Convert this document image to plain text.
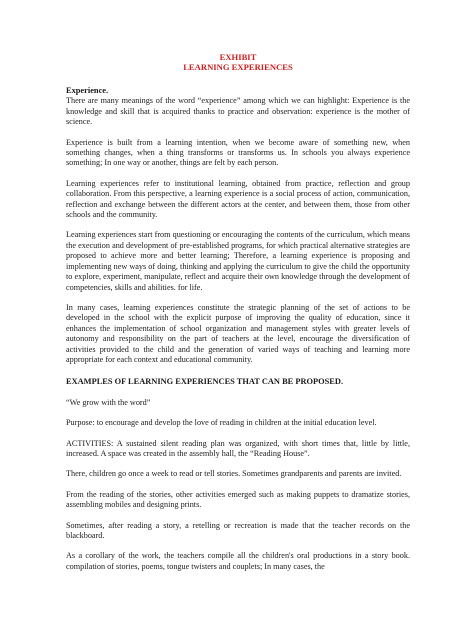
EXHIBIT
LEARNING EXPERIENCES
Experience.

There are many meanings of the word “experience” among which we can highlight: Experience is the knowledge and skill that is acquired thanks to practice and observation: experience is the mother of science.

Experience is built from a learning intention, when we become aware of something new, when something changes, when a thing transforms or transforms us. In schools you always experience something; In one way or another, things are felt by each person.

Learning experiences refer to institutional learning, obtained from practice, reflection and group collaboration. From this perspective, a learning experience is a social process of action, communication, reflection and exchange between the different actors at the center, and between them, those from other schools and the community.

Learning experiences start from questioning or encouraging the contents of the curriculum, which means the execution and development of pre-established programs, for which practical alternative strategies are proposed to achieve more and better learning; Therefore, a learning experience is proposing and implementing new ways of doing, thinking and applying the curriculum to give the child the opportunity to explore, experiment, manipulate, reflect and acquire their own knowledge through the development of competencies, skills and abilities. for life.

In many cases, learning experiences constitute the strategic planning of the set of actions to be developed in the school with the explicit purpose of improving the quality of education, since it enhances the implementation of school organization and management styles with greater levels of autonomy and responsibility on the part of teachers at the level, encourage the diversification of activities provided to the child and the generation of varied ways of teaching and learning more appropriate for each context and educational community.

EXAMPLES OF LEARNING EXPERIENCES THAT CAN BE PROPOSED.

“We grow with the word”

Purpose: to encourage and develop the love of reading in children at the initial education level.

ACTIVITIES: A sustained silent reading plan was organized, with short times that, little by little, increased. A space was created in the assembly hall, the “Reading House”.

There, children go once a week to read or tell stories. Sometimes grandparents and parents are invited.

From the reading of the stories, other activities emerged such as making puppets to dramatize stories, assembling mobiles and designing prints.

Sometimes, after reading a story, a retelling or recreation is made that the teacher records on the blackboard.

As a corollary of the work, the teachers compile all the children's oral productions in a story book. compilation of stories, poems, tongue twisters and couplets; In many cases, the
